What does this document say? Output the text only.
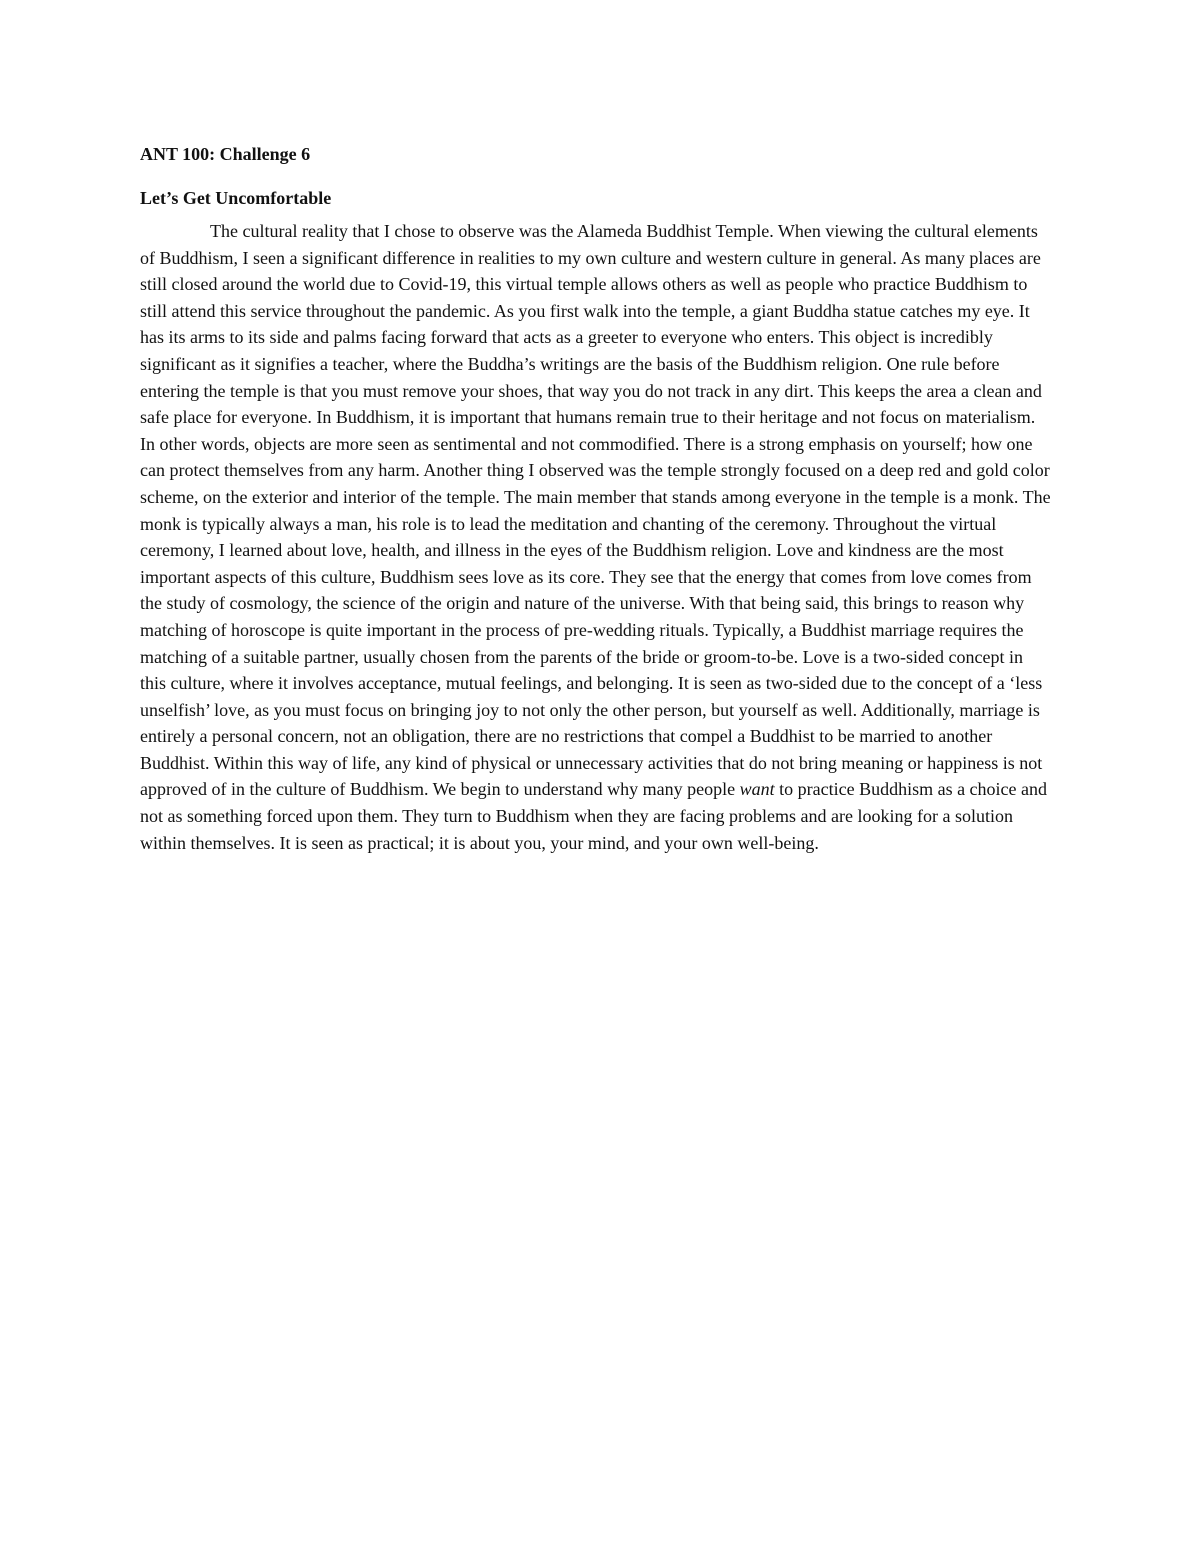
ANT 100: Challenge 6
Let’s Get Uncomfortable

The cultural reality that I chose to observe was the Alameda Buddhist Temple. When viewing the cultural elements of Buddhism, I seen a significant difference in realities to my own culture and western culture in general. As many places are still closed around the world due to Covid-19, this virtual temple allows others as well as people who practice Buddhism to still attend this service throughout the pandemic. As you first walk into the temple, a giant Buddha statue catches my eye. It has its arms to its side and palms facing forward that acts as a greeter to everyone who enters. This object is incredibly significant as it signifies a teacher, where the Buddha’s writings are the basis of the Buddhism religion. One rule before entering the temple is that you must remove your shoes, that way you do not track in any dirt. This keeps the area a clean and safe place for everyone. In Buddhism, it is important that humans remain true to their heritage and not focus on materialism. In other words, objects are more seen as sentimental and not commodified. There is a strong emphasis on yourself; how one can protect themselves from any harm. Another thing I observed was the temple strongly focused on a deep red and gold color scheme, on the exterior and interior of the temple. The main member that stands among everyone in the temple is a monk. The monk is typically always a man, his role is to lead the meditation and chanting of the ceremony. Throughout the virtual ceremony, I learned about love, health, and illness in the eyes of the Buddhism religion. Love and kindness are the most important aspects of this culture, Buddhism sees love as its core. They see that the energy that comes from love comes from the study of cosmology, the science of the origin and nature of the universe. With that being said, this brings to reason why matching of horoscope is quite important in the process of pre-wedding rituals. Typically, a Buddhist marriage requires the matching of a suitable partner, usually chosen from the parents of the bride or groom-to-be. Love is a two-sided concept in this culture, where it involves acceptance, mutual feelings, and belonging. It is seen as two-sided due to the concept of a ‘less unselfish’ love, as you must focus on bringing joy to not only the other person, but yourself as well. Additionally, marriage is entirely a personal concern, not an obligation, there are no restrictions that compel a Buddhist to be married to another Buddhist. Within this way of life, any kind of physical or unnecessary activities that do not bring meaning or happiness is not approved of in the culture of Buddhism. We begin to understand why many people want to practice Buddhism as a choice and not as something forced upon them. They turn to Buddhism when they are facing problems and are looking for a solution within themselves. It is seen as practical; it is about you, your mind, and your own well-being.
